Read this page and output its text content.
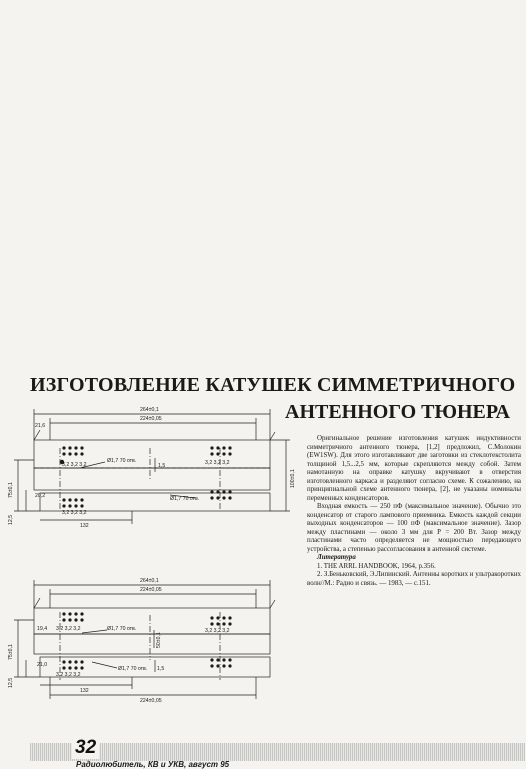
ИЗГОТОВЛЕНИЕ КАТУШЕК СИММЕТРИЧНОГО
АНТЕННОГО ТЮНЕРА
264±0,1
224±0,05
21,6
20,2
3,2 3,2 3,2	3,2 3,2 3,2
3,2 3,2 3,2
Ø1,7 70 отв.
Ø1,7 70 отв.
132
1,5
100±0,1
75±0,1
12,5
264±0,1
224±0,05
19,4
21,0
3,2 3,2 3,2	3,2 3,2 3,2
3,2 3,2 3,2
Ø1,7 70 отв.
Ø1,7 70 отв.
132
224±0,05
1,5
50±0,1
75±0,1
12,5

Оригинальное решение изготовления катушек индуктивности симметричного антенного тюнера, [1,2] предложил, С.Молокин (EW1SW). Для этого изготавливают две заготовки из стеклотекстолита толщиной 1,5...2,5 мм, которые скрепляются между собой. Затем намотанную на оправке катушку вкручивают в отверстия изготовленного каркаса и разделяют согласно схеме. К сожалению, на принципиальной схеме антенного тюнера, [2], не указаны номиналы переменных конденсаторов.

Входная емкость — 250 пФ (максимальное значение). Обычно это конденсатор от старого лампового приемника. Емкость каждой секции выходных конденсаторов — 100 пФ (максимальное значение). Зазор между пластинами — около 3 мм для Р = 200 Вт. Зазор между пластинами часто определяется не мощностью передающего устройства, а степенью рассогласования в антенной системе.

Литература

1. THE ARRL HANDBOOK, 1964, p.356.

2. З.Беньковский, Э.Липинский. Антенны коротких и ультракоротких волн//М.: Радио и связь. — 1983, — с.151.

32
Радиолюбитель, КВ и УКВ, август 95
